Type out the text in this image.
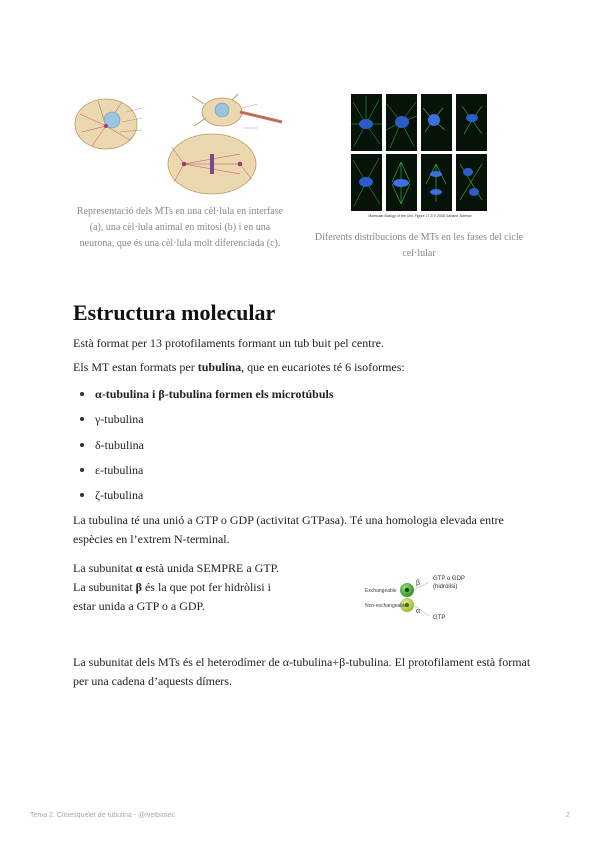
Molecular Biology of the Cell, Figure 17-3 © 2008 Garland Science
Representació dels MTs en una cèl·lula en interfase (a), una cèl·lula animal en mitosi (b) i en una neurona, que és una cèl·lula molt diferenciada (c).
Diferents distribucions de MTs en les fases del cicle cel·lular
Estructura molecular
Està format per 13 protofilaments formant un tub buit pel centre.
Els MT estan formats per tubulina, que en eucariotes té 6 isoformes:
α-tubulina i β-tubulina formen els microtúbuls
γ-tubulina
δ-tubulina
ε-tubulina
ζ-tubulina
La tubulina té una unió a GTP o GDP (activitat GTPasa). Té una homologia elevada entre espècies en l’extrem N-terminal.
La subunitat α està unida SEMPRE a GTP.
La subunitat β és la que pot fer hidròlisi i estar unida a GTP o a GDP.
Exchangeable
Non-exchangeable
β
α
GTP o GDP
(hidròlisi)
GTP
La subunitat dels MTs és el heterodímer de α-tubulina+β-tubulina. El protofilament està format per una cadena d’aquests dímers.
Tema 2. Citoesquelet de tubulina - @ivetbiotec	2
